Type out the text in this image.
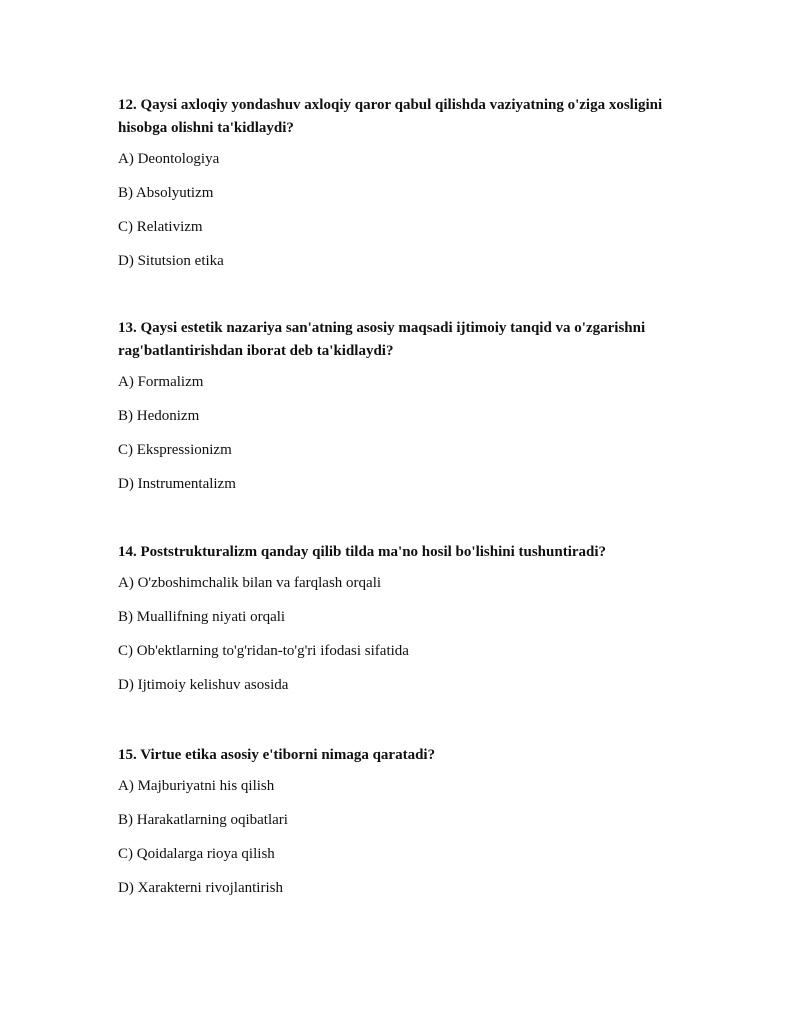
12. Qaysi axloqiy yondashuv axloqiy qaror qabul qilishda vaziyatning o'ziga xosligini hisobga olishni ta'kidlaydi?

A) Deontologiya

B) Absolyutizm

C) Relativizm

D) Situtsion etika

13. Qaysi estetik nazariya san'atning asosiy maqsadi ijtimoiy tanqid va o'zgarishni rag'batlantirishdan iborat deb ta'kidlaydi?

A) Formalizm

B) Hedonizm

C) Ekspressionizm

D) Instrumentalizm

14. Poststrukturalizm qanday qilib tilda ma'no hosil bo'lishini tushuntiradi?

A) O'zboshimchalik bilan va farqlash orqali

B) Muallifning niyati orqali

C) Ob'ektlarning to'g'ridan-to'g'ri ifodasi sifatida

D) Ijtimoiy kelishuv asosida

15. Virtue etika asosiy e'tiborni nimaga qaratadi?

A) Majburiyatni his qilish

B) Harakatlarning oqibatlari

C) Qoidalarga rioya qilish

D) Xarakterni rivojlantirish
